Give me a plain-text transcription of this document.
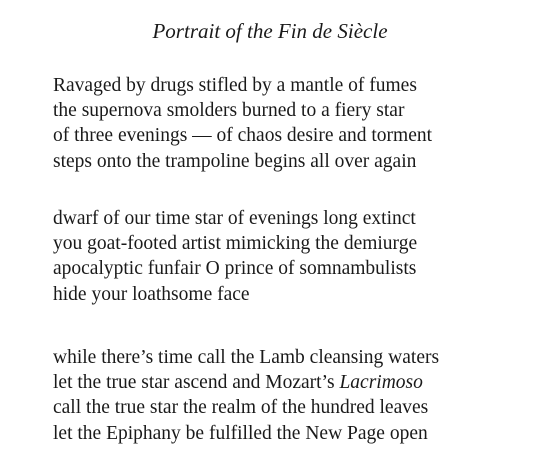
Portrait of the Fin de Siècle
Ravaged by drugs stifled by a mantle of fumes
the supernova smolders burned to a fiery star
of three evenings — of chaos desire and torment
steps onto the trampoline begins all over again
dwarf of our time star of evenings long extinct
you goat-footed artist mimicking the demiurge
apocalyptic funfair O prince of somnambulists
hide your loathsome face
while there’s time call the Lamb cleansing waters
let the true star ascend and Mozart’s Lacrimoso
call the true star the realm of the hundred leaves
let the Epiphany be fulfilled the New Page open
